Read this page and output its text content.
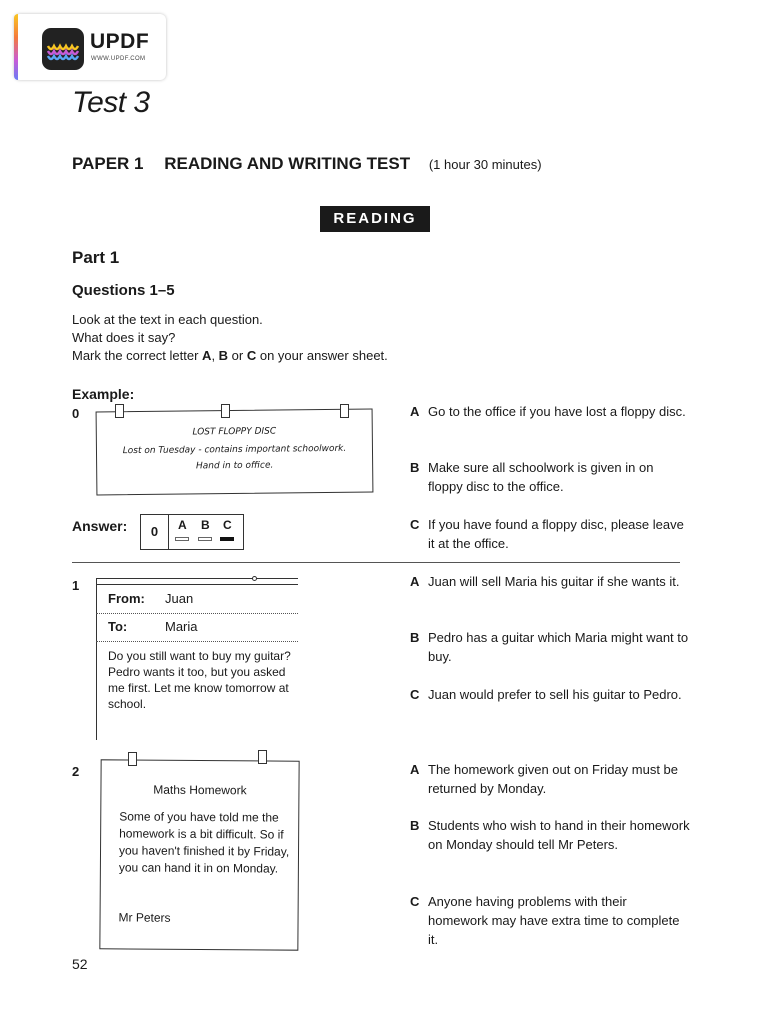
UPDF
WWW.UPDF.COM
Test 3
PAPER 1 READING AND WRITING TEST (1 hour 30 minutes)
READING
Part 1
Questions 1–5
Look at the text in each question.
What does it say?
Mark the correct letter A, B or C on your answer sheet.
Example:
0
LOST FLOPPY DISC
Lost on Tuesday - contains important schoolwork.
Hand in to office.
A Go to the office if you have lost a floppy disc.
B Make sure all schoolwork is given in on floppy disc to the office.
C If you have found a floppy disc, please leave it at the office.
Answer:	0	A B C
1
From: Juan
To:	Maria
Do you still want to buy my guitar? Pedro wants it too, but you asked me first. Let me know tomorrow at school.
A Juan will sell Maria his guitar if she wants it.
B Pedro has a guitar which Maria might want to buy.
C Juan would prefer to sell his guitar to Pedro.
2
Maths Homework
Some of you have told me the homework is a bit difficult. So if you haven't finished it by Friday, you can hand it in on Monday.
Mr Peters
A The homework given out on Friday must be returned by Monday.
B Students who wish to hand in their homework on Monday should tell Mr Peters.
C Anyone having problems with their homework may have extra time to complete it.
52
